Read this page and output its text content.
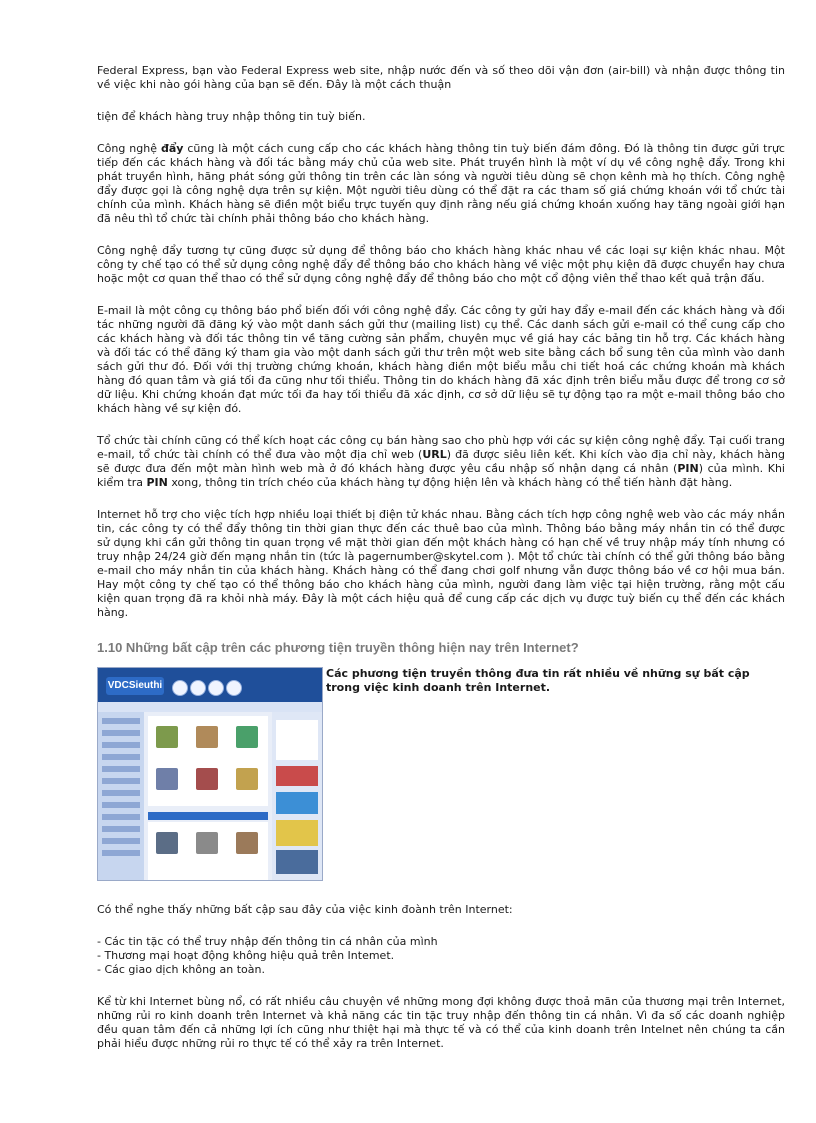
Federal Express, bạn vào Federal Express web site, nhập nước đến và số theo dõi vận đơn (air-bill) và nhận được thông tin về việc khi nào gói hàng của bạn sẽ đến. Đây là một cách thuận

tiện để khách hàng truy nhập thông tin tuỳ biến.

Công nghệ đẩy cũng là một cách cung cấp cho các khách hàng thông tin tuỳ biến đám đông. Đó là thông tin được gửi trực tiếp đến các khách hàng và đối tác bằng máy chủ của web site. Phát truyền hình là một ví dụ về công nghệ đẩy. Trong khi phát truyền hình, hãng phát sóng gửi thông tin trên các làn sóng và người tiêu dùng sẽ chọn kênh mà họ thích. Công nghệ đẩy được gọi là công nghệ dựa trên sự kiện. Một người tiêu dùng có thể đặt ra các tham số giá chứng khoán với tổ chức tài chính của mình. Khách hàng sẽ điền một biểu trực tuyến quy định rằng nếu giá chứng khoán xuống hay tăng ngoài giới hạn đã nêu thì tổ chức tài chính phải thông báo cho khách hàng.

Công nghệ đẩy tương tự cũng được sử dụng để thông báo cho khách hàng khác nhau về các loại sự kiện khác nhau. Một công ty chế tạo có thể sử dụng công nghệ đẩy để thông báo cho khách hàng về việc một phụ kiện đã được chuyển hay chưa hoặc một cơ quan thể thao có thể sử dụng công nghệ đẩy để thông báo cho một cổ động viên thể thao kết quả trận đấu.

E-mail là một công cụ thông báo phổ biến đối với công nghệ đẩy. Các công ty gửi hay đẩy e-mail đến các khách hàng và đối tác những người đã đăng ký vào một danh sách gửi thư (mailing list) cụ thể. Các danh sách gửi e-mail có thể cung cấp cho các khách hàng và đối tác thông tin về tăng cường sản phẩm, chuyên mục về giá hay các bảng tin hỗ trợ. Các khách hàng và đối tác có thể đăng ký tham gia vào một danh sách gửi thư trên một web site bằng cách bổ sung tên của mình vào danh sách gửi thư đó. Đối với thị trường chứng khoán, khách hàng điền một biểu mẫu chi tiết hoá các chứng khoán mà khách hàng đó quan tâm và giá tối đa cũng như tối thiểu. Thông tin do khách hàng đã xác định trên biểu mẫu được để trong cơ sở dữ liệu. Khi chứng khoán đạt mức tối đa hay tối thiểu đã xác định, cơ sở dữ liệu sẽ tự động tạo ra một e-mail thông báo cho khách hàng về sự kiện đó.

Tổ chức tài chính cũng có thể kích hoạt các công cụ bán hàng sao cho phù hợp với các sự kiện công nghệ đẩy. Tại cuối trang e-mail, tổ chức tài chính có thể đưa vào một địa chỉ web (URL) đã được siêu liên kết. Khi kích vào địa chỉ này, khách hàng sẽ được đưa đến một màn hình web mà ở đó khách hàng được yêu cầu nhập số nhận dạng cá nhân (PIN) của mình. Khi kiểm tra PIN xong, thông tin trích chéo của khách hàng tự động hiện lên và khách hàng có thể tiến hành đặt hàng.

Internet hỗ trợ cho việc tích hợp nhiều loại thiết bị điện tử khác nhau. Bằng cách tích hợp công nghệ web vào các máy nhắn tin, các công ty có thể đẩy thông tin thời gian thực đến các thuê bao của mình. Thông báo bằng máy nhắn tin có thể được sử dụng khi cần gửi thông tin quan trọng về mặt thời gian đến một khách hàng có hạn chế về truy nhập máy tính nhưng có truy nhập 24/24 giờ đến mạng nhắn tin (tức là pagernumber@skytel.com ). Một tổ chức tài chính có thể gửi thông báo bằng e-mail cho máy nhắn tin của khách hàng. Khách hàng có thể đang chơi golf nhưng vẫn được thông báo về cơ hội mua bán. Hay một công ty chế tạo có thể thông báo cho khách hàng của mình, người đang làm việc tại hiện trường, rằng một cấu kiện quan trọng đã ra khỏi nhà máy. Đây là một cách hiệu quả để cung cấp các dịch vụ được tuỳ biến cụ thể đến các khách hàng.

1.10 Những bất cập trên các phương tiện truyền thông hiện nay trên Internet?
VDCSieuthi
Các phương tiện truyền thông đưa tin rất nhiều về những sự bất cập trong việc kinh doanh trên Internet.

Có thể nghe thấy những bất cập sau đây của việc kinh đoành trên Internet:

- Các tin tặc có thể truy nhập đến thông tin cá nhân của mình
- Thương mại hoạt động không hiệu quả trên Intemet.
- Các giao dịch không an toàn.

Kể từ khi Internet bùng nổ, có rất nhiều câu chuyện về những mong đợi không được thoả mãn của thương mại trên Internet, những rủi ro kinh doanh trên Internet và khả năng các tin tặc truy nhập đến thông tin cá nhân. Vì đa số các doanh nghiệp đều quan tâm đến cả những lợi ích cũng như thiệt hại mà thực tế và có thể của kinh doanh trên Intelnet nên chúng ta cần phải hiểu được những rủi ro thực tế có thể xảy ra trên Internet.
